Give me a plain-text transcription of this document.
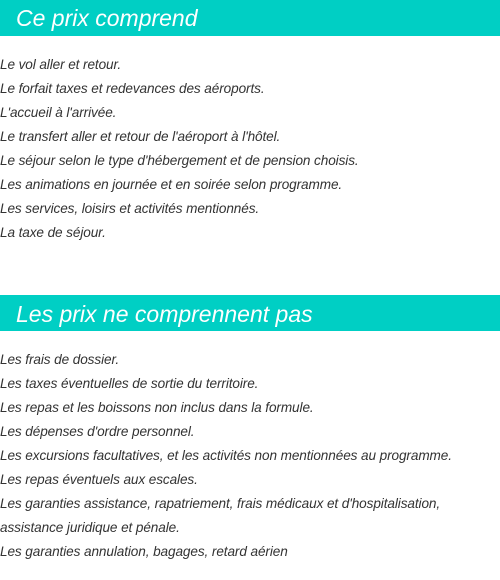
Ce prix comprend
Le vol aller et retour.
Le forfait taxes et redevances des aéroports.
L'accueil à l'arrivée.
Le transfert aller et retour de l'aéroport à l'hôtel.
Le séjour selon le type d'hébergement et de pension choisis.
Les animations en journée et en soirée selon programme.
Les services, loisirs et activités mentionnés.
La taxe de séjour.
Les prix ne comprennent pas
Les frais de dossier.
Les taxes éventuelles de sortie du territoire.
Les repas et les boissons non inclus dans la formule.
Les dépenses d'ordre personnel.
Les excursions facultatives, et les activités non mentionnées au programme.
Les repas éventuels aux escales.
Les garanties assistance, rapatriement, frais médicaux et d'hospitalisation,
assistance juridique et pénale.
Les garanties annulation, bagages, retard aérien
